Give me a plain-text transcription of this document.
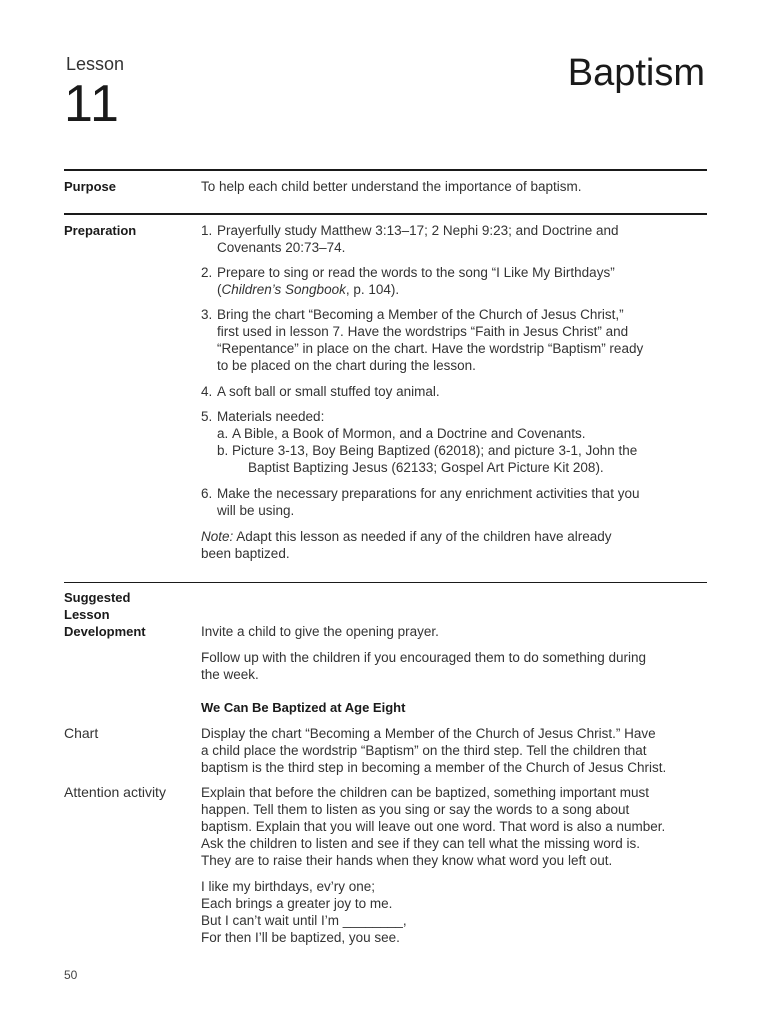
Lesson
11
Baptism
Purpose	To help each child better understand the importance of baptism.
Preparation	1. Prayerfully study Matthew 3:13–17; 2 Nephi 9:23; and Doctrine and
Covenants 20:73–74.
2. Prepare to sing or read the words to the song “I Like My Birthdays”
(Children’s Songbook, p. 104).
3. Bring the chart “Becoming a Member of the Church of Jesus Christ,”
first used in lesson 7. Have the wordstrips “Faith in Jesus Christ” and
“Repentance” in place on the chart. Have the wordstrip “Baptism” ready
to be placed on the chart during the lesson.
4. A soft ball or small stuffed toy animal.
5. Materials needed:
a. A Bible, a Book of Mormon, and a Doctrine and Covenants.
b. Picture 3-13, Boy Being Baptized (62018); and picture 3-1, John the
Baptist Baptizing Jesus (62133; Gospel Art Picture Kit 208).
6. Make the necessary preparations for any enrichment activities that you
will be using.
Note: Adapt this lesson as needed if any of the children have already
been baptized.
Suggested
Lesson
Development	Invite a child to give the opening prayer.
Follow up with the children if you encouraged them to do something during
the week.
We Can Be Baptized at Age Eight
Chart	Display the chart “Becoming a Member of the Church of Jesus Christ.” Have
a child place the wordstrip “Baptism” on the third step. Tell the children that
baptism is the third step in becoming a member of the Church of Jesus Christ.
Attention activity	Explain that before the children can be baptized, something important must
happen. Tell them to listen as you sing or say the words to a song about
baptism. Explain that you will leave out one word. That word is also a number.
Ask the children to listen and see if they can tell what the missing word is.
They are to raise their hands when they know what word you left out.
I like my birthdays, ev’ry one;
Each brings a greater joy to me.
But I can’t wait until I’m ________,
For then I’ll be baptized, you see.
50
